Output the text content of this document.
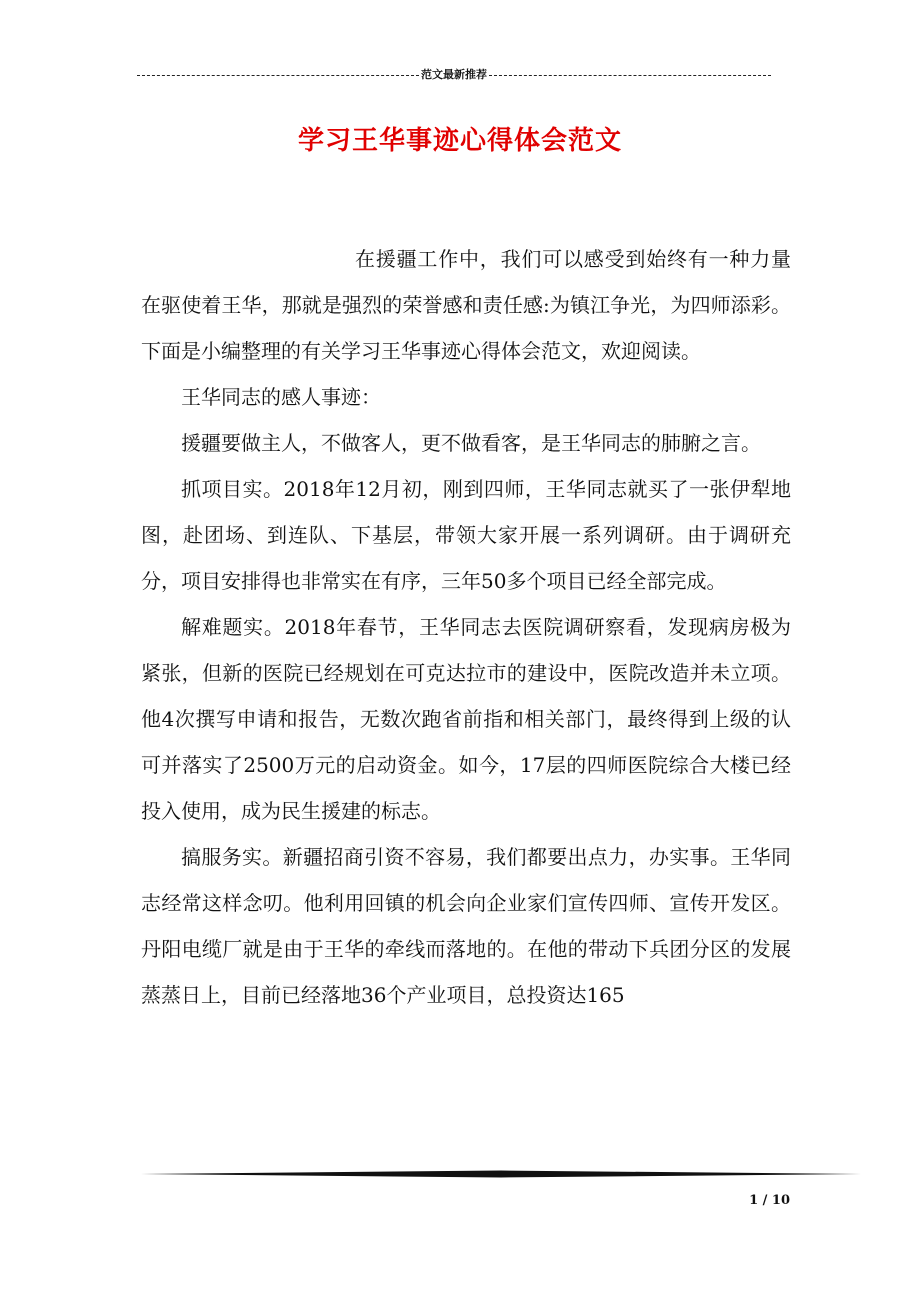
范文最新推荐
学习王华事迹心得体会范文

在援疆工作中，我们可以感受到始终有一种力量在驱使着王华，那就是强烈的荣誉感和责任感:为镇江争光，为四师添彩。下面是小编整理的有关学习王华事迹心得体会范文，欢迎阅读。

王华同志的感人事迹：

援疆要做主人，不做客人，更不做看客，是王华同志的肺腑之言。

抓项目实。2018年12月初，刚到四师，王华同志就买了一张伊犁地图，赴团场、到连队、下基层，带领大家开展一系列调研。由于调研充分，项目安排得也非常实在有序，三年50多个项目已经全部完成。

解难题实。2018年春节，王华同志去医院调研察看，发现病房极为紧张，但新的医院已经规划在可克达拉市的建设中，医院改造并未立项。他4次撰写申请和报告，无数次跑省前指和相关部门，最终得到上级的认可并落实了2500万元的启动资金。如今，17层的四师医院综合大楼已经投入使用，成为民生援建的标志。

搞服务实。新疆招商引资不容易，我们都要出点力，办实事。王华同志经常这样念叨。他利用回镇的机会向企业家们宣传四师、宣传开发区。丹阳电缆厂就是由于王华的牵线而落地的。在他的带动下兵团分区的发展蒸蒸日上，目前已经落地36个产业项目，总投资达165

1 / 10
